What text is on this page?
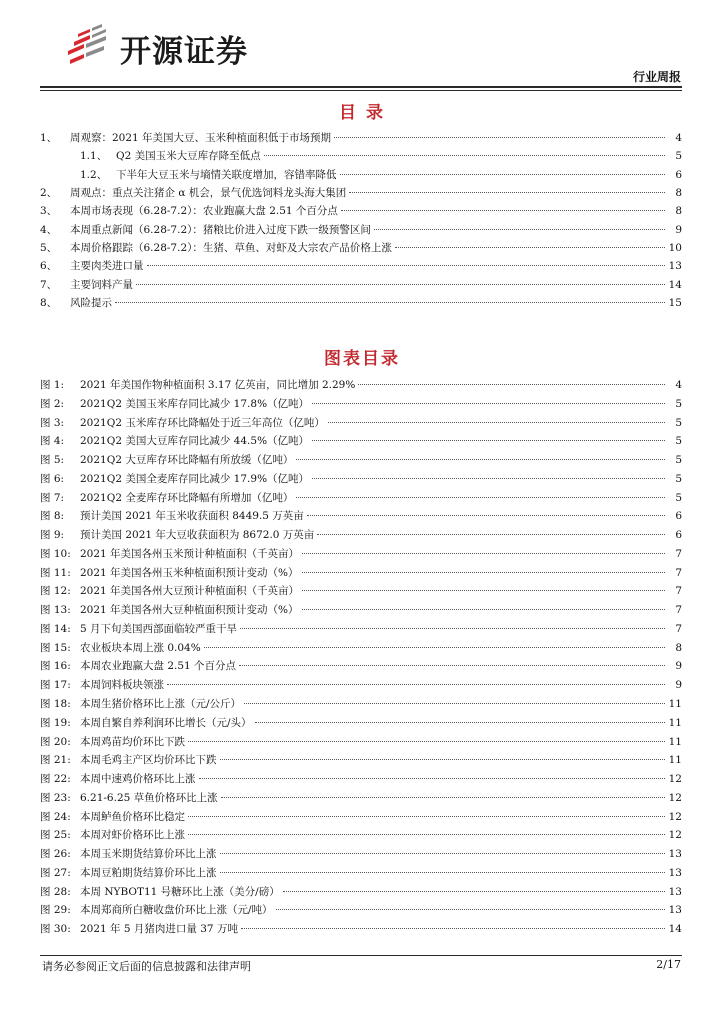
开源证券
行业周报
目 录
1、	周观察：2021 年美国大豆、玉米种植面积低于市场预期	4
1.1、 Q2 美国玉米大豆库存降至低点	5
1.2、 下半年大豆玉米与墒情关联度增加，容错率降低	6
2、	周观点：重点关注猪企 α 机会，景气优选饲料龙头海大集团	8
3、	本周市场表现（6.28-7.2）：农业跑赢大盘 2.51 个百分点	8
4、	本周重点新闻（6.28-7.2）：猪粮比价进入过度下跌一级预警区间	9
5、	本周价格跟踪（6.28-7.2）：生猪、草鱼、对虾及大宗农产品价格上涨	10
6、	主要肉类进口量	13
7、	主要饲料产量	14
8、	风险提示	15
图表目录
图 1:	2021 年美国作物种植面积 3.17 亿英亩，同比增加 2.29%	4
图 2:	2021Q2 美国玉米库存同比减少 17.8%（亿吨）	5
图 3:	2021Q2 玉米库存环比降幅处于近三年高位（亿吨）	5
图 4:	2021Q2 美国大豆库存同比减少 44.5%（亿吨）	5
图 5:	2021Q2 大豆库存环比降幅有所放缓（亿吨）	5
图 6:	2021Q2 美国全麦库存同比减少 17.9%（亿吨）	5
图 7:	2021Q2 全麦库存环比降幅有所增加（亿吨）	5
图 8:	预计美国 2021 年玉米收获面积 8449.5 万英亩	6
图 9:	预计美国 2021 年大豆收获面积为 8672.0 万英亩	6
图 10: 2021 年美国各州玉米预计种植面积（千英亩）	7
图 11: 2021 年美国各州玉米种植面积预计变动（%）	7
图 12: 2021 年美国各州大豆预计种植面积（千英亩）	7
图 13: 2021 年美国各州大豆种植面积预计变动（%）	7
图 14: 5 月下旬美国西部面临较严重干旱	7
图 15: 农业板块本周上涨 0.04%	8
图 16: 本周农业跑赢大盘 2.51 个百分点	9
图 17: 本周饲料板块领涨	9
图 18: 本周生猪价格环比上涨（元/公斤）	11
图 19: 本周自繁自养利润环比增长（元/头）	11
图 20: 本周鸡苗均价环比下跌	11
图 21: 本周毛鸡主产区均价环比下跌	11
图 22: 本周中速鸡价格环比上涨	12
图 23: 6.21-6.25 草鱼价格环比上涨	12
图 24: 本周鲈鱼价格环比稳定	12
图 25: 本周对虾价格环比上涨	12
图 26: 本周玉米期货结算价环比上涨	13
图 27: 本周豆粕期货结算价环比上涨	13
图 28: 本周 NYBOT11 号糖环比上涨（美分/磅）	13
图 29: 本周郑商所白糖收盘价环比上涨（元/吨）	13
图 30: 2021 年 5 月猪肉进口量 37 万吨	14
请务必参阅正文后面的信息披露和法律声明	2/17
